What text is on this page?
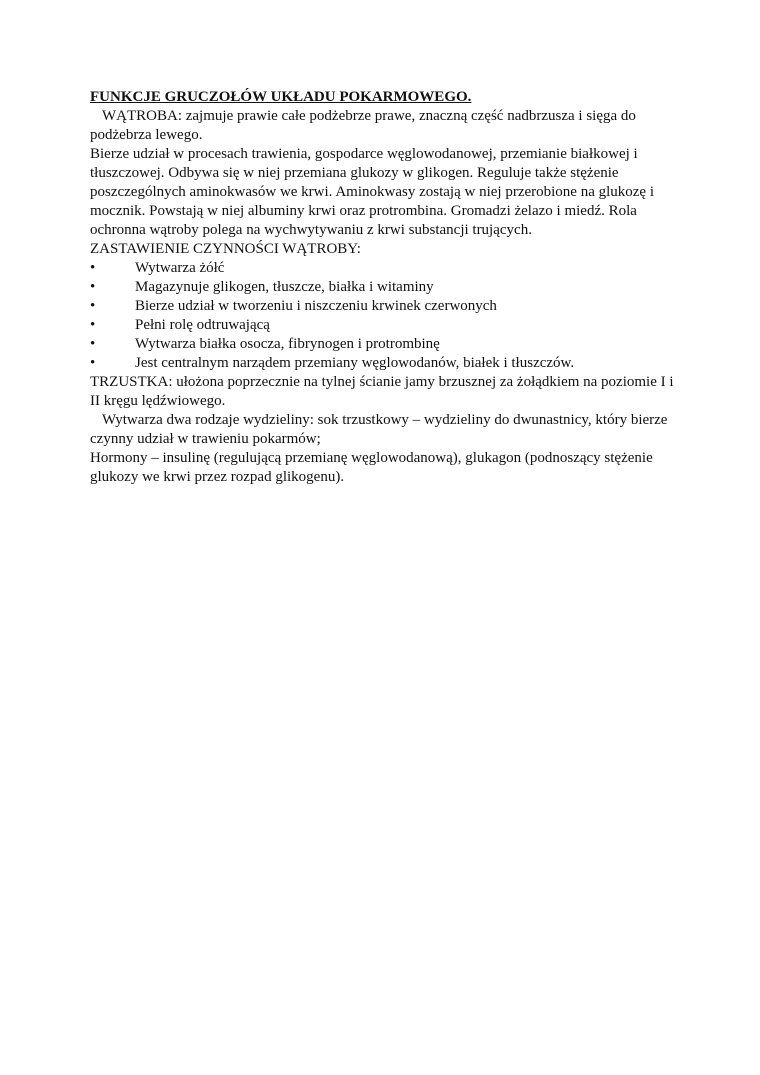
FUNKCJE GRUCZOŁÓW UKŁADU POKARMOWEGO.

WĄTROBA: zajmuje prawie całe podżebrze prawe, znaczną część nadbrzusza i sięga do podżebrza lewego.

Bierze udział w procesach trawienia, gospodarce węglowodanowej, przemianie białkowej i tłuszczowej. Odbywa się w niej przemiana glukozy w glikogen. Reguluje także stężenie poszczególnych aminokwasów we krwi. Aminokwasy zostają w niej przerobione na glukozę i mocznik. Powstają w niej albuminy krwi oraz protrombina. Gromadzi żelazo i miedź. Rola ochronna wątroby polega na wychwytywaniu z krwi substancji trujących.

ZASTAWIENIE CZYNNOŚCI WĄTROBY:

•	Wytwarza żółć
•	Magazynuje glikogen, tłuszcze, białka i witaminy
•	Bierze udział w tworzeniu i niszczeniu krwinek czerwonych
•	Pełni rolę odtruwającą
•	Wytwarza białka osocza, fibrynogen i protrombinę
•	Jest centralnym narządem przemiany węglowodanów, białek i tłuszczów.

TRZUSTKA: ułożona poprzecznie na tylnej ścianie jamy brzusznej za żołądkiem na poziomie I i II kręgu lędźwiowego.

Wytwarza dwa rodzaje wydzieliny: sok trzustkowy – wydzieliny do dwunastnicy, który bierze czynny udział w trawieniu pokarmów;

Hormony – insulinę (regulującą przemianę węglowodanową), glukagon (podnoszący stężenie glukozy we krwi przez rozpad glikogenu).
